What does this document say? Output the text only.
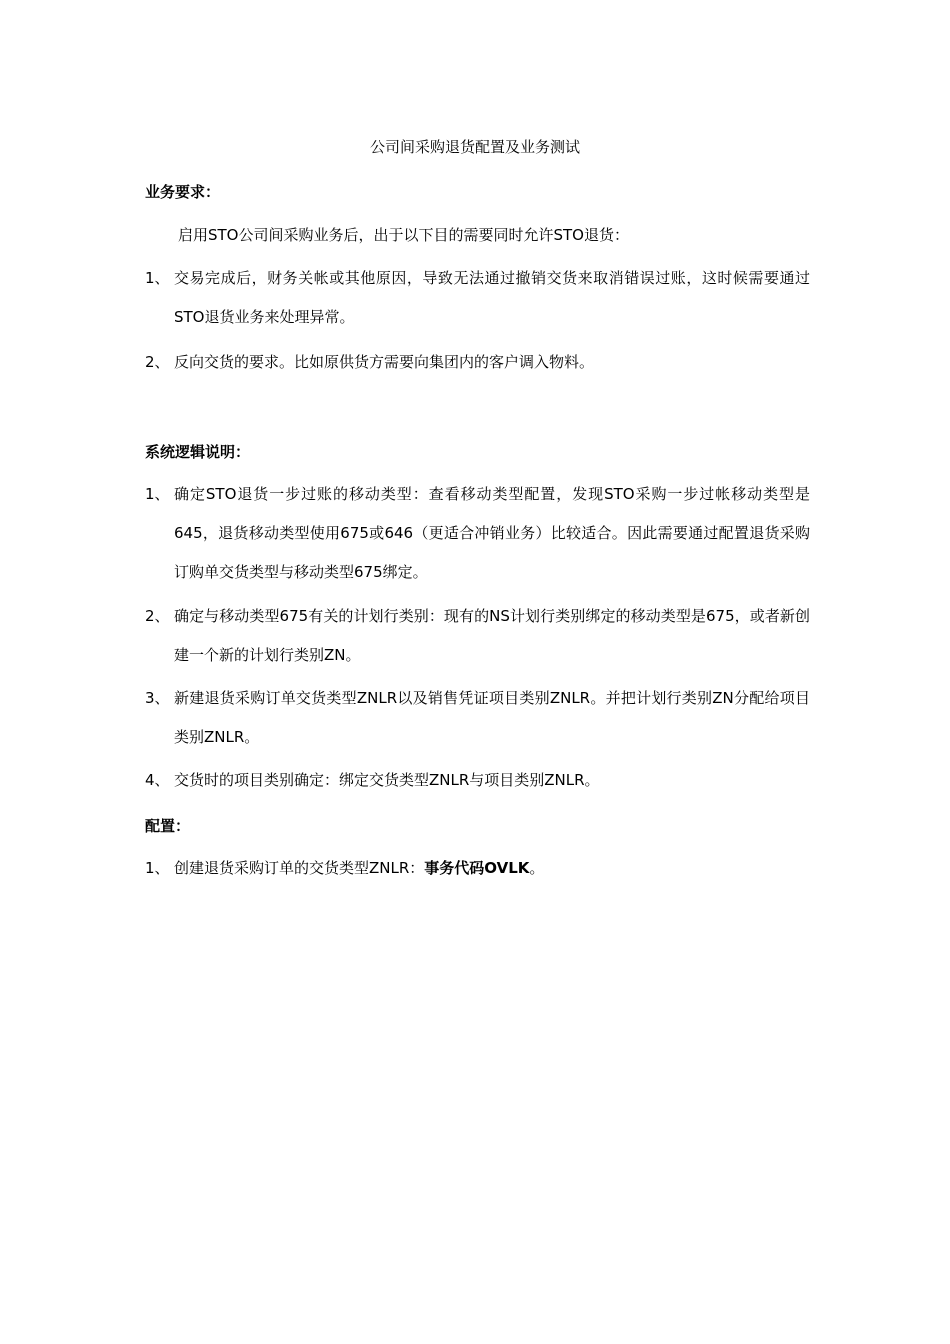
公司间采购退货配置及业务测试
业务要求：
启用STO公司间采购业务后，出于以下目的需要同时允许STO退货：
1、 交易完成后，财务关帐或其他原因，导致无法通过撤销交货来取消错误过账，这时候需要通过STO退货业务来处理异常。
2、 反向交货的要求。比如原供货方需要向集团内的客户调入物料。
系统逻辑说明：
1、 确定STO退货一步过账的移动类型：查看移动类型配置，发现STO采购一步过帐移动类型是645，退货移动类型使用675或646（更适合冲销业务）比较适合。因此需要通过配置退货采购订购单交货类型与移动类型675绑定。
2、 确定与移动类型675有关的计划行类别：现有的NS计划行类别绑定的移动类型是675，或者新创建一个新的计划行类别ZN。
3、 新建退货采购订单交货类型ZNLR以及销售凭证项目类别ZNLR。并把计划行类别ZN分配给项目类别ZNLR。
4、 交货时的项目类别确定：绑定交货类型ZNLR与项目类别ZNLR。
配置：
1、 创建退货采购订单的交货类型ZNLR：事务代码OVLK。
